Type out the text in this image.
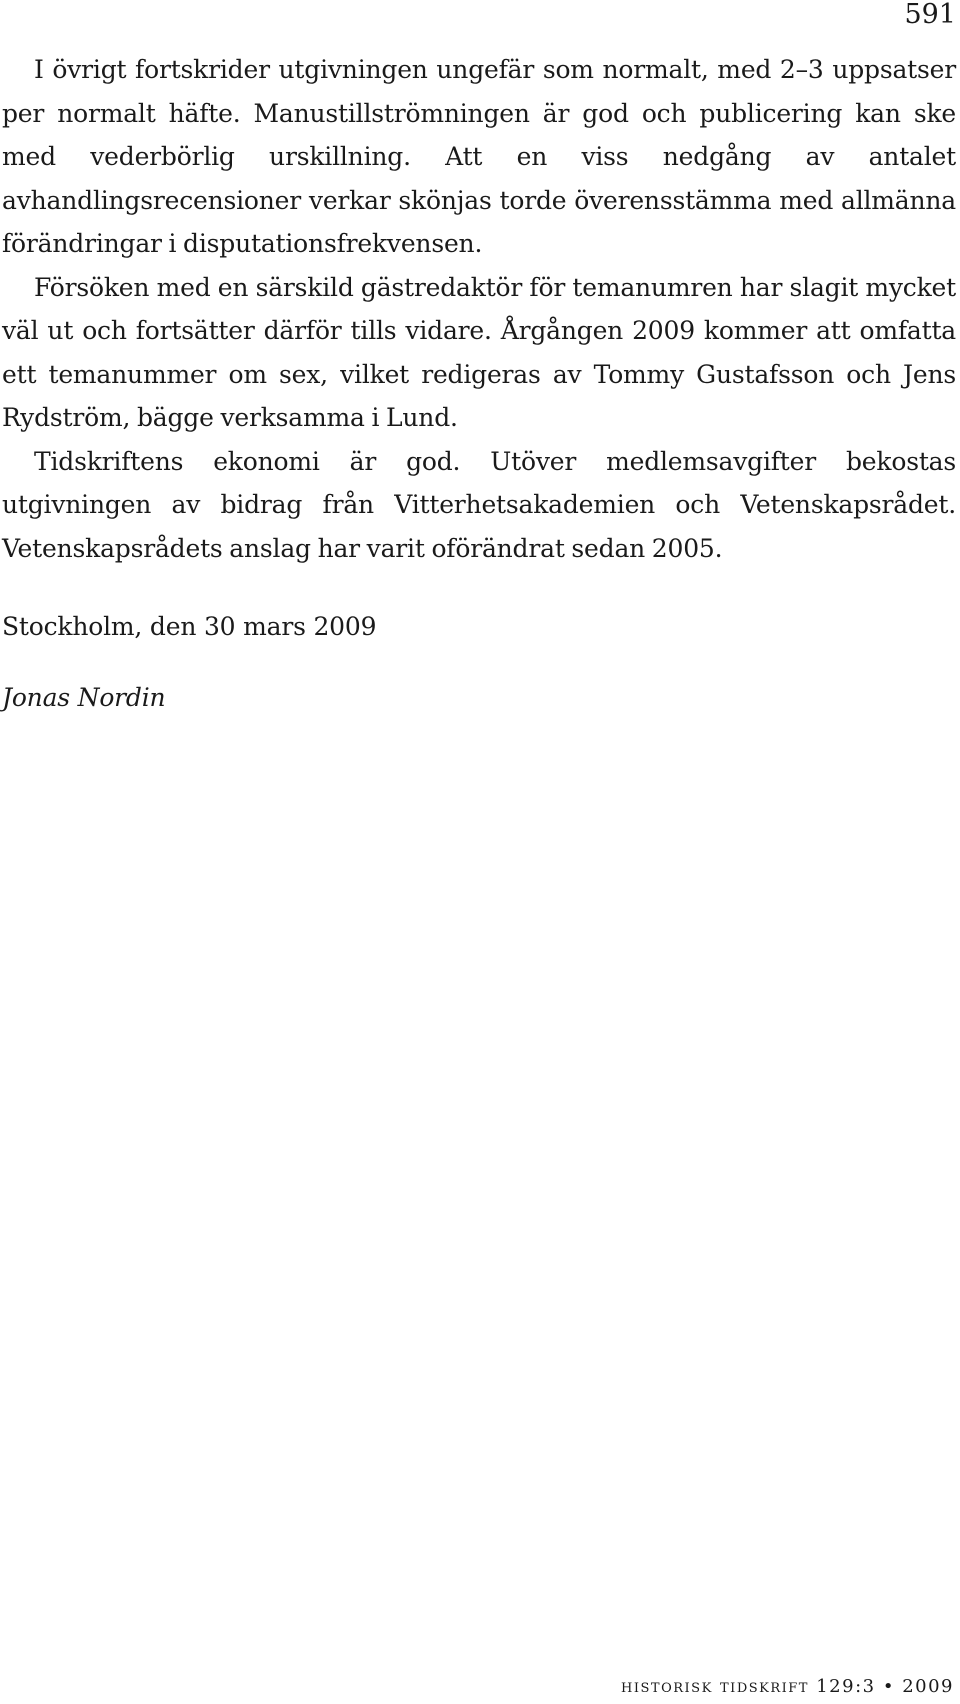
591

I övrigt fortskrider utgivningen ungefär som normalt, med 2–3 uppsatser per normalt häfte. Manustillströmningen är god och publicering kan ske med vederbörlig urskillning. Att en viss nedgång av antalet avhandlingsrecensioner verkar skönjas torde överensstämma med allmänna förändringar i disputationsfrekvensen.

Försöken med en särskild gästredaktör för temanumren har slagit mycket väl ut och fortsätter därför tills vidare. Årgången 2009 kommer att omfatta ett temanummer om sex, vilket redigeras av Tommy Gustafsson och Jens Rydström, bägge verksamma i Lund.

Tidskriftens ekonomi är god. Utöver medlemsavgifter bekostas utgivningen av bidrag från Vitterhetsakademien och Vetenskapsrådet. Vetenskapsrådets anslag har varit oförändrat sedan 2005.

Stockholm, den 30 mars 2009
Jonas Nordin
historisk tidskrift 129:3 • 2009
